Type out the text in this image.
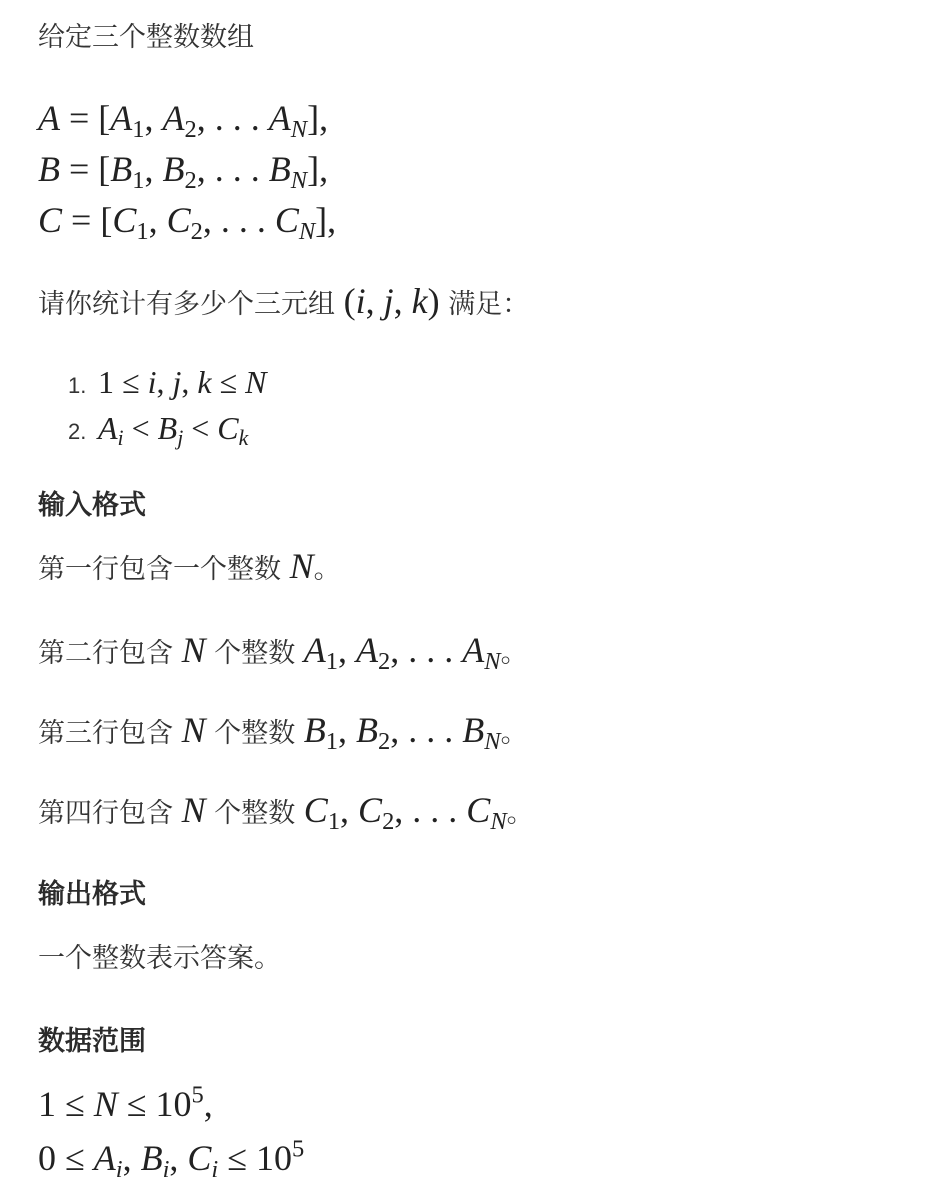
给定三个整数数组
$A = [A_1$, $A_2$, . . . $A_N$],
$B = [B_1$, $B_2$, . . . $B_N$],
$C = [C_1$, $C_2$, . . . $C_N$],
请你统计有多少个三元组 (i, j, k) 满足：
1. 1 ≤ i, j, k ≤ N
2. $A_i < B_j < C_k$
输入格式
第一行包含一个整数 N。
第二行包含 N 个整数 $A_1$, $A_2$, . . . $A_N$。
第三行包含 N 个整数 $B_1$, $B_2$, . . . $B_N$。
第四行包含 N 个整数 $C_1$, $C_2$, . . . $C_N$。
输出格式
一个整数表示答案。
数据范围
$1 \le N \le 10^5$,
$0 \le A_i$, $B_i$, $C_i \le 10^5$
